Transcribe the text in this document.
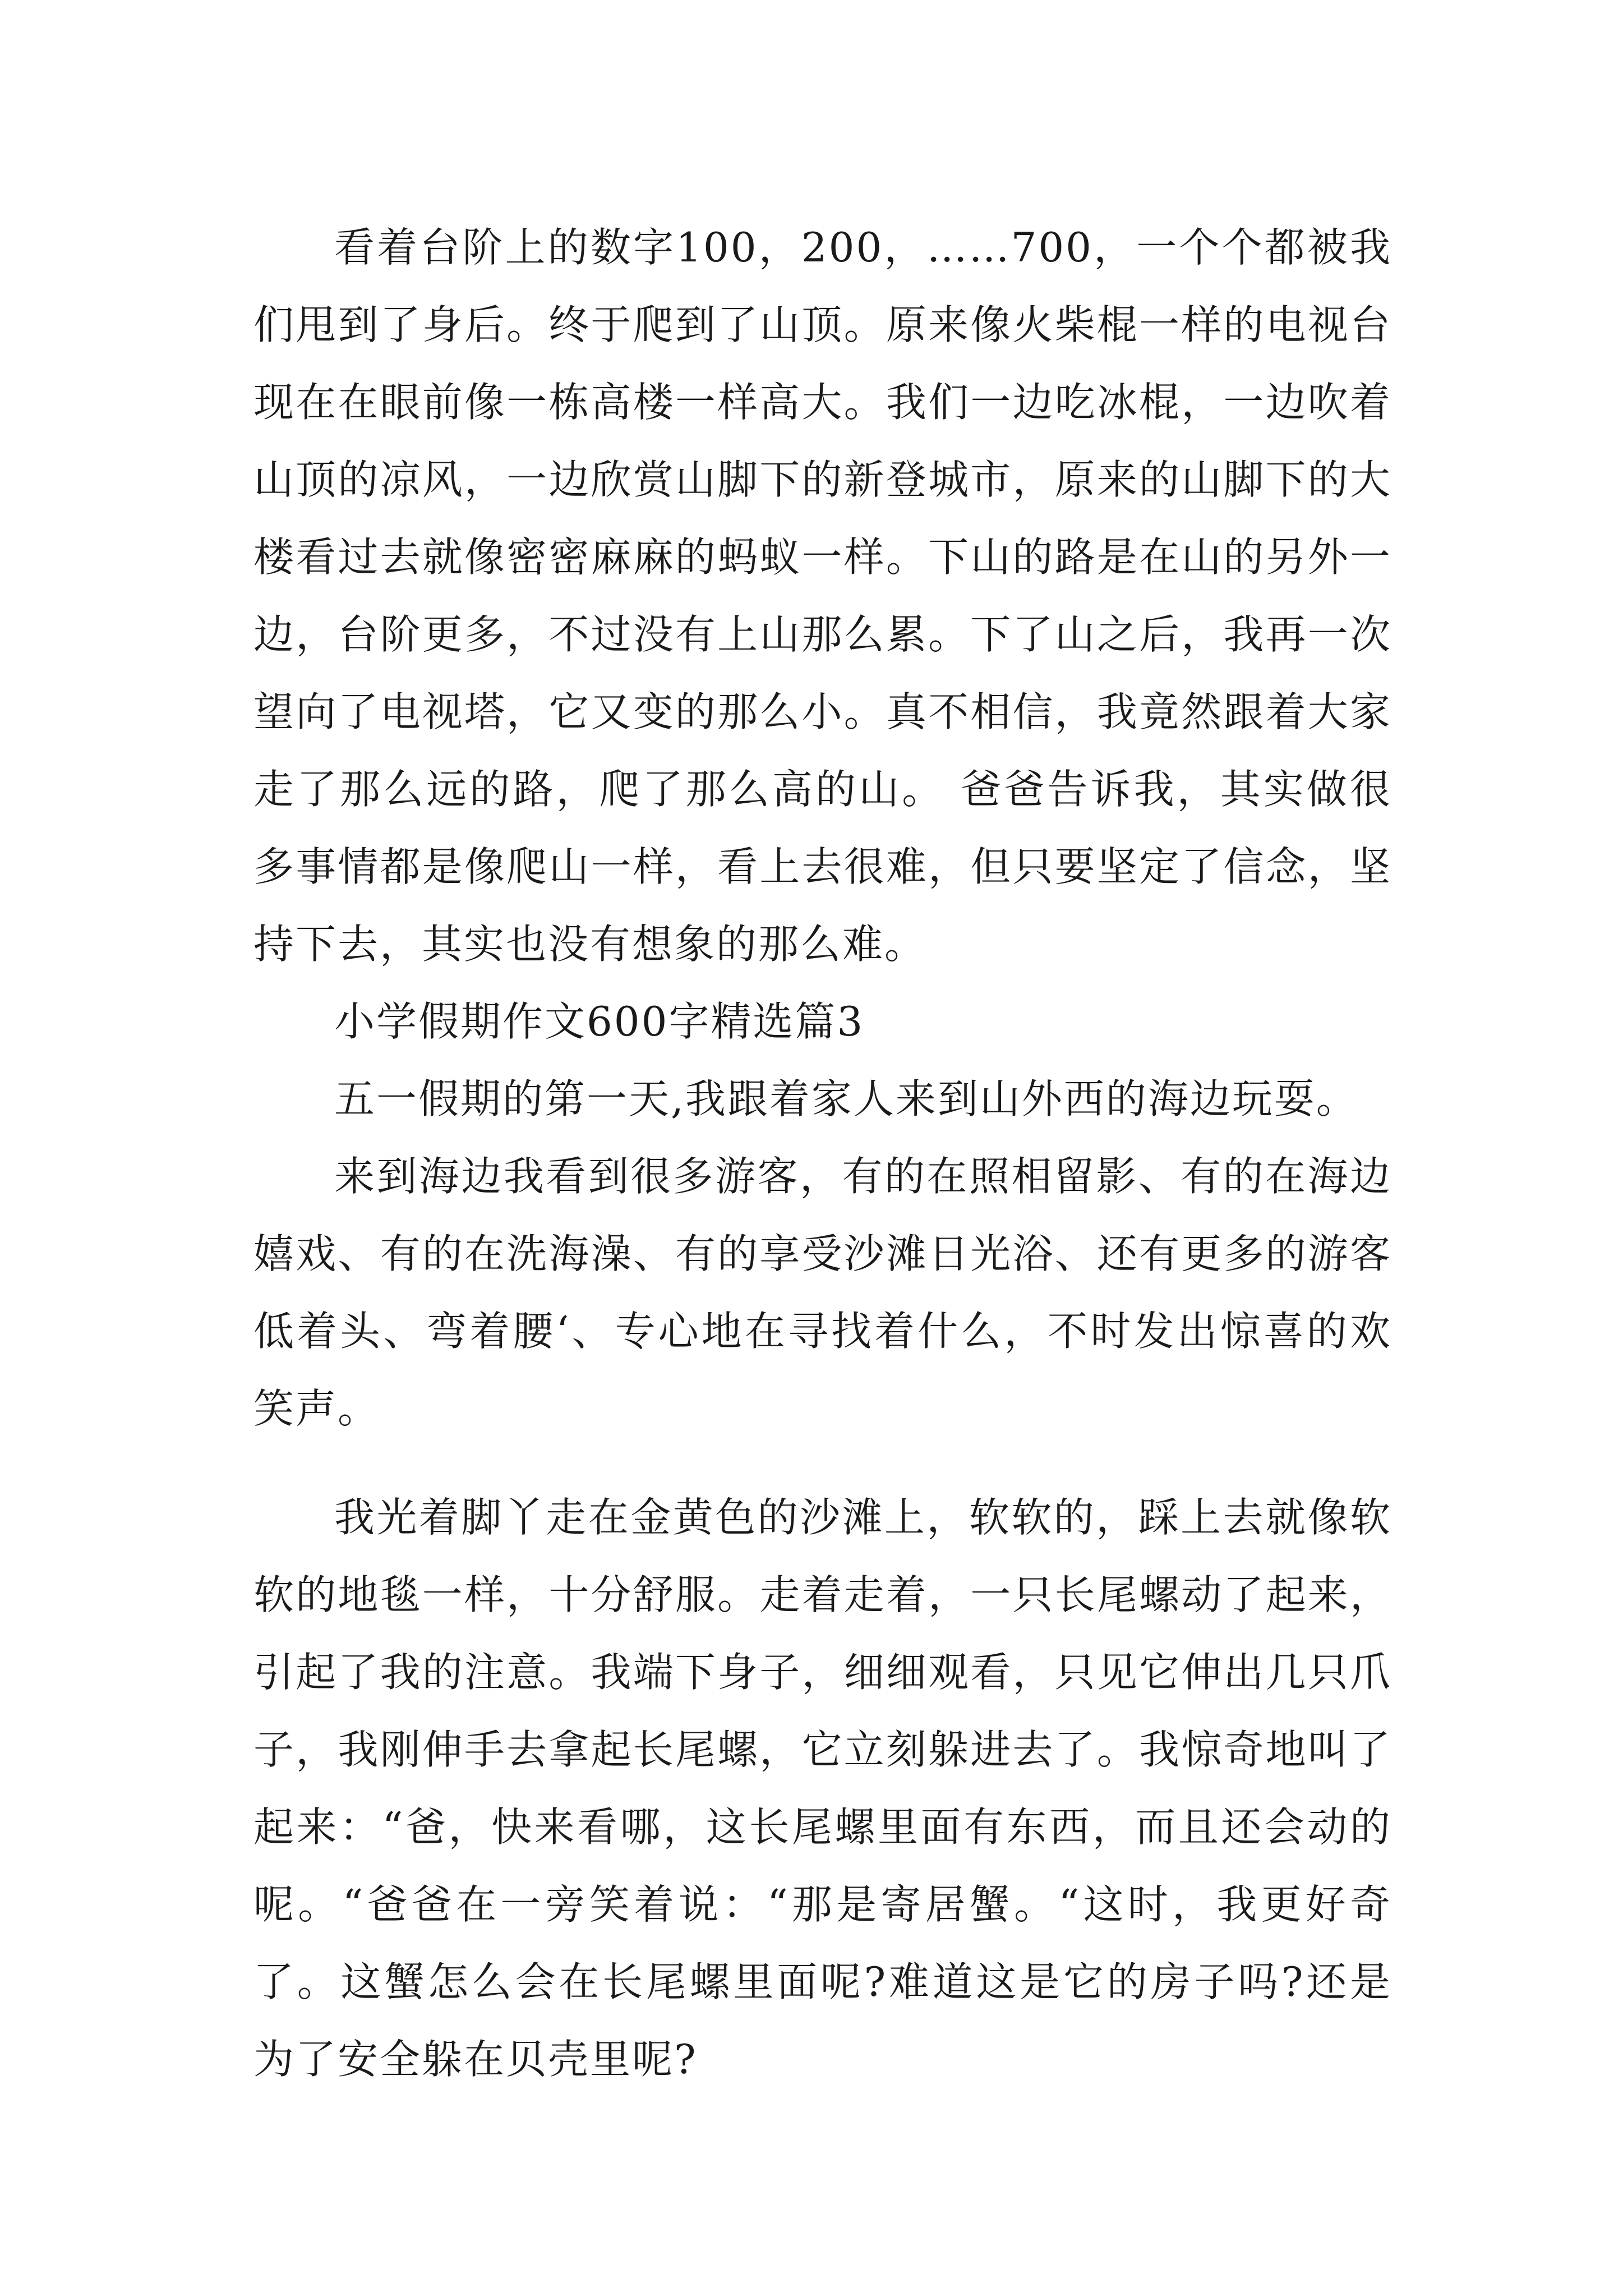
看着台阶上的数字100，200，……700，一个个都被我们甩到了身后。终于爬到了山顶。原来像火柴棍一样的电视台现在在眼前像一栋高楼一样高大。我们一边吃冰棍，一边吹着山顶的凉风，一边欣赏山脚下的新登城市，原来的山脚下的大楼看过去就像密密麻麻的蚂蚁一样。下山的路是在山的另外一边，台阶更多，不过没有上山那么累。下了山之后，我再一次望向了电视塔，它又变的那么小。真不相信，我竟然跟着大家走了那么远的路，爬了那么高的山。 爸爸告诉我，其实做很多事情都是像爬山一样，看上去很难，但只要坚定了信念，坚持下去，其实也没有想象的那么难。

小学假期作文600字精选篇3

五一假期的第一天,我跟着家人来到山外西的海边玩耍。

来到海边我看到很多游客，有的在照相留影、有的在海边嬉戏、有的在洗海澡、有的享受沙滩日光浴、还有更多的游客低着头、弯着腰‘、专心地在寻找着什么，不时发出惊喜的欢笑声。

我光着脚丫走在金黄色的沙滩上，软软的，踩上去就像软软的地毯一样，十分舒服。走着走着，一只长尾螺动了起来，引起了我的注意。我端下身子，细细观看，只见它伸出几只爪子，我刚伸手去拿起长尾螺，它立刻躲进去了。我惊奇地叫了起来：“爸，快来看哪，这长尾螺里面有东西，而且还会动的呢。“爸爸在一旁笑着说：“那是寄居蟹。“这时，我更好奇了。这蟹怎么会在长尾螺里面呢?难道这是它的房子吗?还是为了安全躲在贝壳里呢?
